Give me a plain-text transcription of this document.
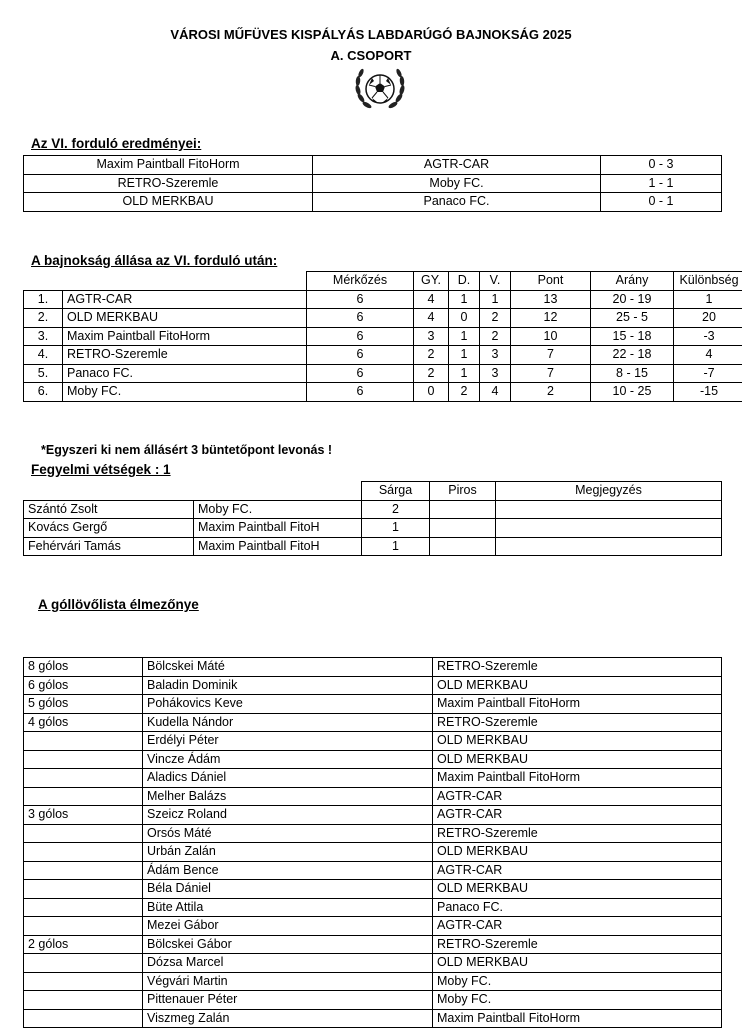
VÁROSI MŰFÜVES KISPÁLYÁS LABDARÚGÓ BAJNOKSÁG 2025
A. CSOPORT
Az VI. forduló eredményei:
Maxim Paintball FitoHorm	AGTR-CAR	0 - 3
RETRO-Szeremle	Moby FC.	1 - 1
OLD MERKBAU	Panaco FC.	0 - 1
A bajnokság állása az VI. forduló után:
		Mérkőzés	GY.	D.	V.	Pont	Arány	Különbség
1.	AGTR-CAR	6	4	1	1	13	20 - 19	1
2.	OLD MERKBAU	6	4	0	2	12	25 - 5	20
3.	Maxim Paintball FitoHorm	6	3	1	2	10	15 - 18	-3
4.	RETRO-Szeremle	6	2	1	3	7	22 - 18	4
5.	Panaco FC.	6	2	1	3	7	8 - 15	-7
6.	Moby FC.	6	0	2	4	2	10 - 25	-15
*Egyszeri ki nem állásért 3 büntetőpont levonás !
Fegyelmi vétségek : 1
		Sárga	Piros	Megjegyzés
Szántó Zsolt	Moby FC.	2		
Kovács Gergő	Maxim Paintball FitoH	1		
Fehérvári Tamás	Maxim Paintball FitoH	1		
A góllövőlista élmezőnye
8 gólos	Bölcskei Máté	RETRO-Szeremle
6 gólos	Baladin Dominik	OLD MERKBAU
5 gólos	Pohákovics Keve	Maxim Paintball FitoHorm
4 gólos	Kudella Nándor	RETRO-Szeremle
	Erdélyi Péter	OLD MERKBAU
	Vincze Ádám	OLD MERKBAU
	Aladics Dániel	Maxim Paintball FitoHorm
	Melher Balázs	AGTR-CAR
3 gólos	Szeicz Roland	AGTR-CAR
	Orsós Máté	RETRO-Szeremle
	Urbán Zalán	OLD MERKBAU
	Ádám Bence	AGTR-CAR
	Béla Dániel	OLD MERKBAU
	Büte Attila	Panaco FC.
	Mezei Gábor	AGTR-CAR
2 gólos	Bölcskei Gábor	RETRO-Szeremle
	Dózsa Marcel	OLD MERKBAU
	Végvári Martin	Moby FC.
	Pittenauer Péter	Moby FC.
	Viszmeg Zalán	Maxim Paintball FitoHorm
